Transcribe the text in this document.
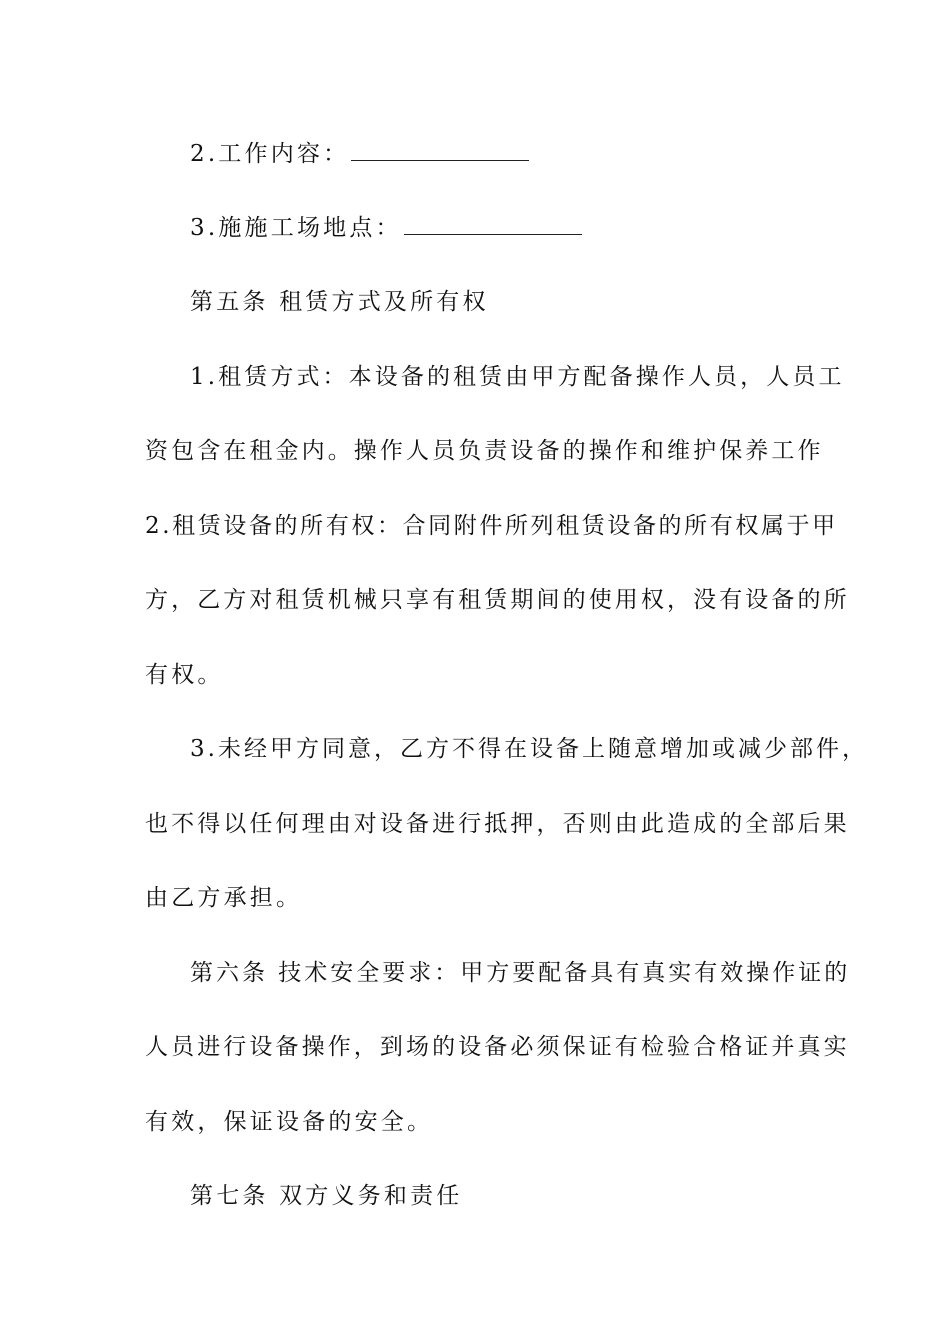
2.工作内容：
3.施施工场地点：
第五条 租赁方式及所有权
1.租赁方式：本设备的租赁由甲方配备操作人员，人员工
资包含在租金内。操作人员负责设备的操作和维护保养工作
2.租赁设备的所有权：合同附件所列租赁设备的所有权属于甲
方，乙方对租赁机械只享有租赁期间的使用权，没有设备的所
有权。
3.未经甲方同意，乙方不得在设备上随意增加或减少部件，
也不得以任何理由对设备进行抵押，否则由此造成的全部后果
由乙方承担。
第六条 技术安全要求：甲方要配备具有真实有效操作证的
人员进行设备操作，到场的设备必须保证有检验合格证并真实
有效，保证设备的安全。
第七条 双方义务和责任
